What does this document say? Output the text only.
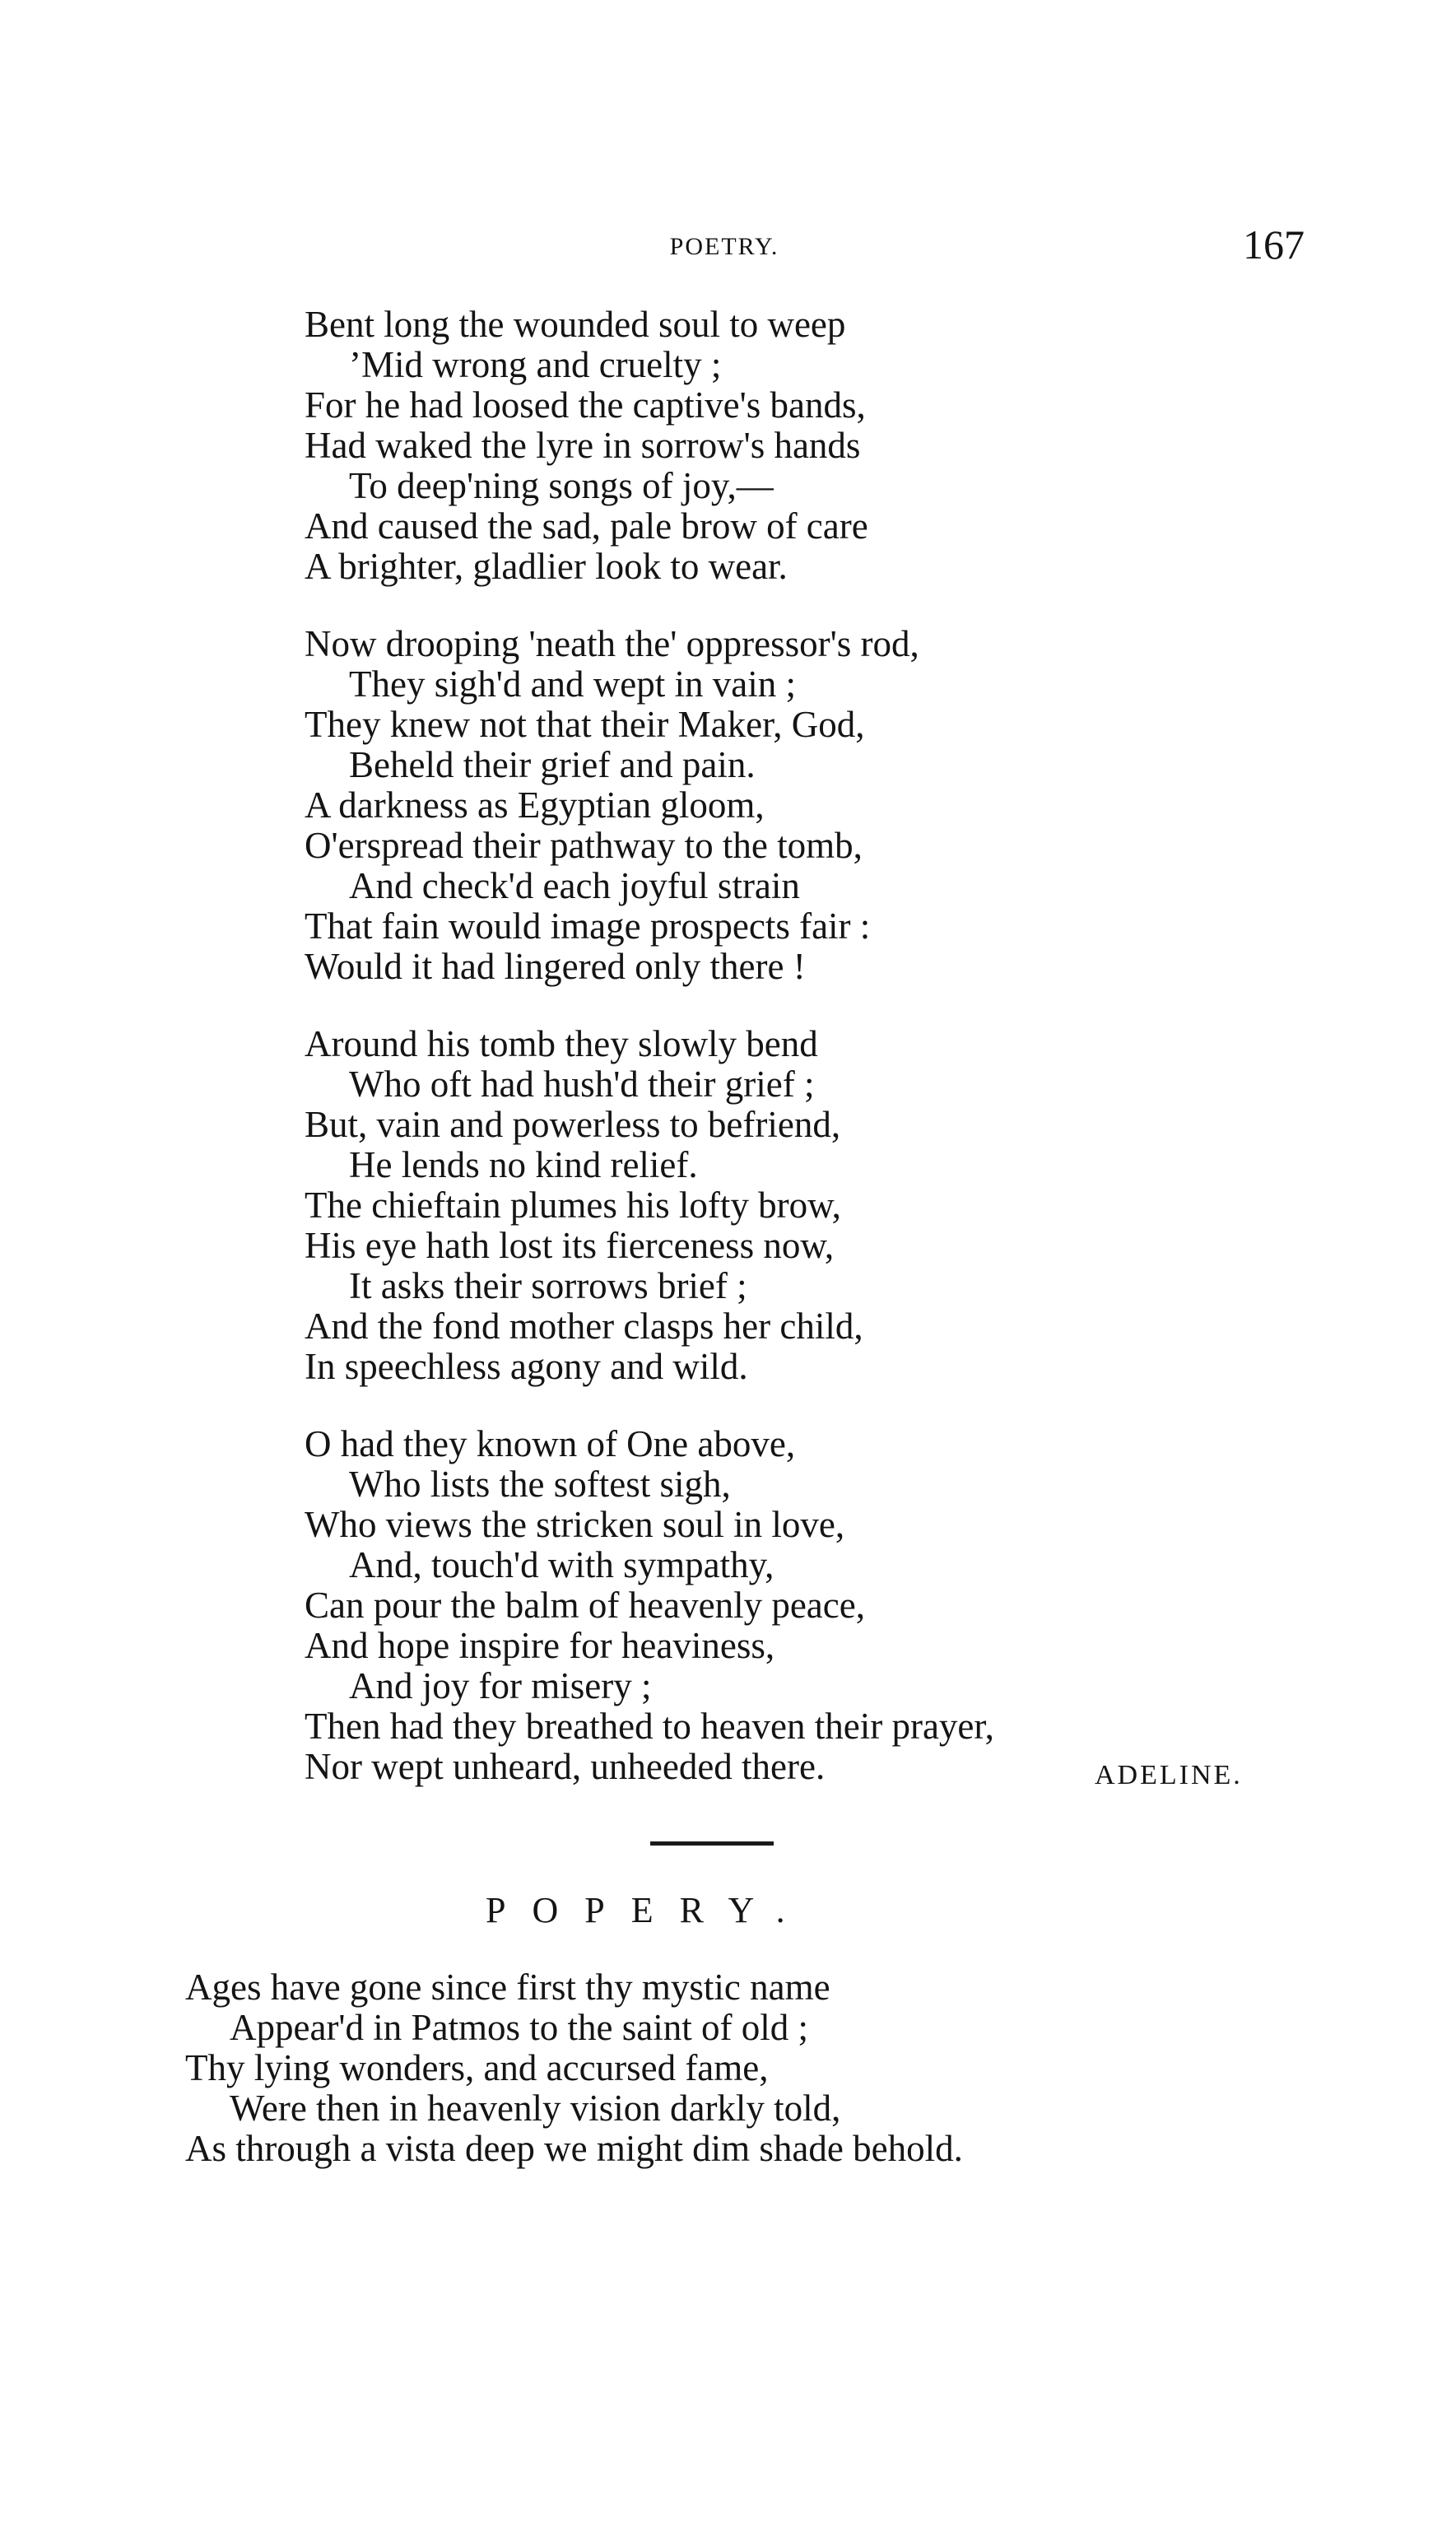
POETRY.	167
Bent long the wounded soul to weep
’Mid wrong and cruelty ;
For he had loosed the captive's bands,
Had waked the lyre in sorrow's hands
To deep'ning songs of joy,—
And caused the sad, pale brow of care
A brighter, gladlier look to wear.
Now drooping 'neath the' oppressor's rod,
They sigh'd and wept in vain ;
They knew not that their Maker, God,
Beheld their grief and pain.
A darkness as Egyptian gloom,
O'erspread their pathway to the tomb,
And check'd each joyful strain
That fain would image prospects fair :
Would it had lingered only there !
Around his tomb they slowly bend
Who oft had hush'd their grief ;
But, vain and powerless to befriend,
He lends no kind relief.
The chieftain plumes his lofty brow,
His eye hath lost its fierceness now,
It asks their sorrows brief ;
And the fond mother clasps her child,
In speechless agony and wild.
O had they known of One above,
Who lists the softest sigh,
Who views the stricken soul in love,
And, touch'd with sympathy,
Can pour the balm of heavenly peace,
And hope inspire for heaviness,
And joy for misery ;
Then had they breathed to heaven their prayer,
Nor wept unheard, unheeded there.	ADELINE.
POPERY.
Ages have gone since first thy mystic name
Appear'd in Patmos to the saint of old ;
Thy lying wonders, and accursed fame,
Were then in heavenly vision darkly told,
As through a vista deep we might dim shade behold.
